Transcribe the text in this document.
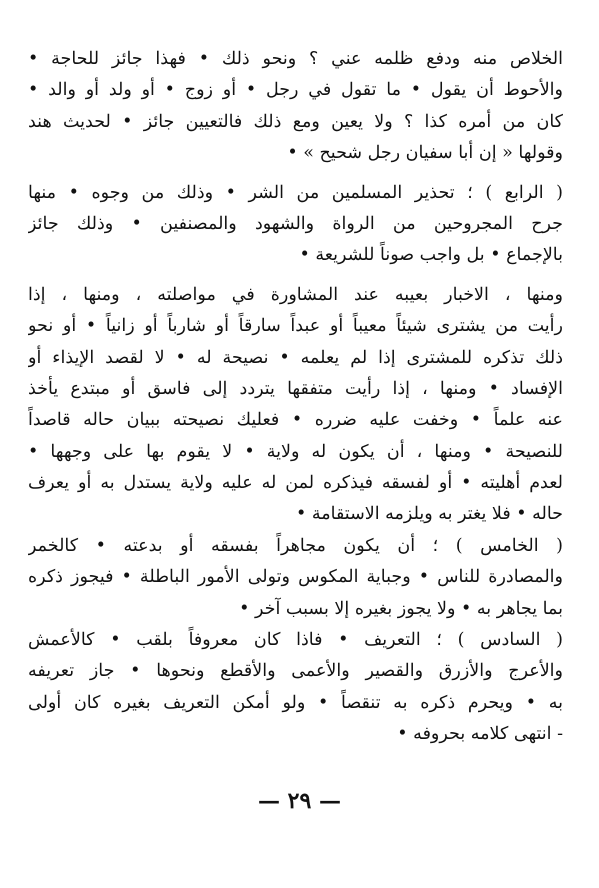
الخلاص منه ودفع ظلمه عني ؟ ونحو ذلك • فهذا جائز للحاجة •
والأحوط أن يقول • ما تقول في رجل • أو زوج • أو ولد أو والد •
كان من أمره كذا ؟ ولا يعين ومع ذلك فالتعيين جائز • لحديث هند
وقولها « إن أبا سفيان رجل شحيح » •
( الرابع ) ؛ تحذير المسلمين من الشر • وذلك من وجوه • منها
جرح المجروحين من الرواة والشهود والمصنفين • وذلك جائز
بالإجماع • بل واجب صوناً للشريعة •
ومنها ، الاخبار بعيبه عند المشاورة في مواصلته ، ومنها ، إذا
رأيت من يشترى شيئاً معيباً أو عبداً سارقاً أو شارباً أو زانياً • أو نحو
ذلك تذكره للمشترى إذا لم يعلمه • نصيحة له • لا لقصد الإيذاء أو
الإفساد • ومنها ، إذا رأيت متفقها يتردد إلى فاسق أو مبتدع يأخذ
عنه علماً • وخفت عليه ضرره • فعليك نصيحته ببيان حاله قاصداً
للنصيحة • ومنها ، أن يكون له ولاية • لا يقوم بها على وجهها •
لعدم أهليته • أو لفسقه فيذكره لمن له عليه ولاية يستدل به أو يعرف
حاله • فلا يغتر به ويلزمه الاستقامة •
( الخامس ) ؛ أن يكون مجاهراً بفسقه أو بدعته • كالخمر
والمصادرة للناس • وجباية المكوس وتولى الأمور الباطلة • فيجوز ذكره
بما يجاهر به • ولا يجوز بغيره إلا بسبب آخر •
( السادس ) ؛ التعريف • فاذا كان معروفاً بلقب • كالأعمش
والأعرج والأزرق والقصير والأعمى والأقطع ونحوها • جاز تعريفه
به • ويحرم ذكره به تنقصاً • ولو أمكن التعريف بغيره كان أولى
- انتهى كلامه بحروفه •
— ٢٩ —
